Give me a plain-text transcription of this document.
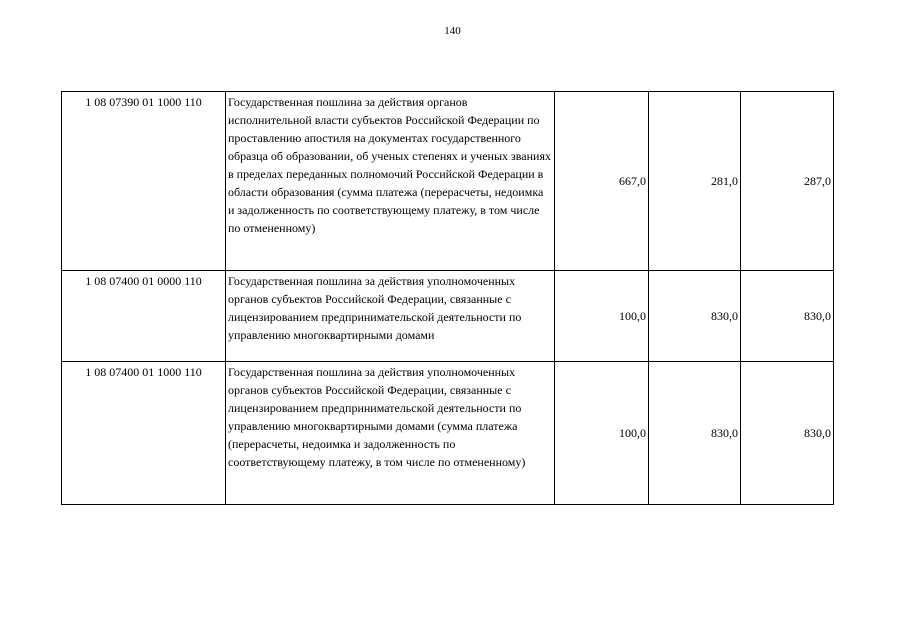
140
1 08 07390 01 1000 110	Государственная пошлина за действия органов исполнительной власти субъектов Российской Федерации по проставлению апостиля на документах государственного образца об образовании, об ученых степенях и ученых званиях в пределах переданных полномочий Российской Федерации в области образования (сумма платежа (перерасчеты, недоимка и задолженность по соответствующему платежу, в том числе по отмененному)	667,0	281,0	287,0
1 08 07400 01 0000 110	Государственная пошлина за действия уполномоченных органов субъектов Российской Федерации, связанные с лицензированием предпринимательской деятельности по управлению многоквартирными домами	100,0	830,0	830,0
1 08 07400 01 1000 110	Государственная пошлина за действия уполномоченных органов субъектов Российской Федерации, связанные с лицензированием предпринимательской деятельности по управлению многоквартирными домами (сумма платежа (перерасчеты, недоимка и задолженность по соответствующему платежу, в том числе по отмененному)	100,0	830,0	830,0
